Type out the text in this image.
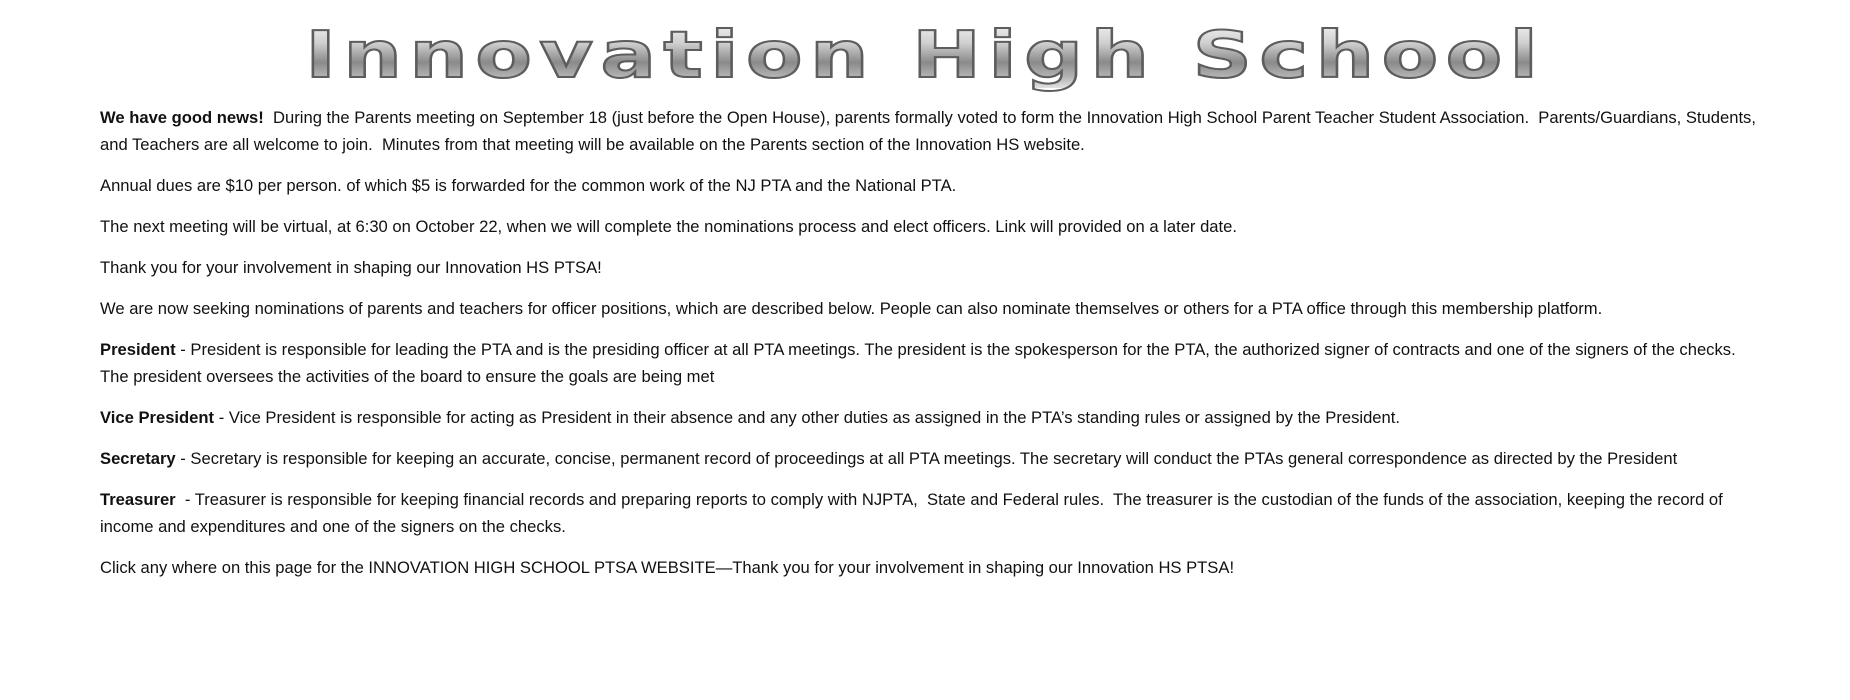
Innovation High School

We have good news!  During the Parents meeting on September 18 (just before the Open House), parents formally voted to form the Innovation High School Parent Teacher Student Association.  Parents/Guardians, Students, and Teachers are all welcome to join.  Minutes from that meeting will be available on the Parents section of the Innovation HS website.

Annual dues are $10 per person. of which $5 is forwarded for the common work of the NJ PTA and the National PTA.

The next meeting will be virtual, at 6:30 on October 22, when we will complete the nominations process and elect officers. Link will provided on a later date.

Thank you for your involvement in shaping our Innovation HS PTSA!

We are now seeking nominations of parents and teachers for officer positions, which are described below. People can also nominate themselves or others for a PTA office through this membership platform.

President - President is responsible for leading the PTA and is the presiding officer at all PTA meetings. The president is the spokesperson for the PTA, the authorized signer of contracts and one of the signers of the checks. The president oversees the activities of the board to ensure the goals are being met

Vice President - Vice President is responsible for acting as President in their absence and any other duties as assigned in the PTA’s standing rules or assigned by the President.

Secretary - Secretary is responsible for keeping an accurate, concise, permanent record of proceedings at all PTA meetings. The secretary will conduct the PTAs general correspondence as directed by the President

Treasurer  - Treasurer is responsible for keeping financial records and preparing reports to comply with NJPTA,  State and Federal rules.  The treasurer is the custodian of the funds of the association, keeping the record of income and expenditures and one of the signers on the checks.

Click any where on this page for the INNOVATION HIGH SCHOOL PTSA WEBSITE—Thank you for your involvement in shaping our Innovation HS PTSA!
